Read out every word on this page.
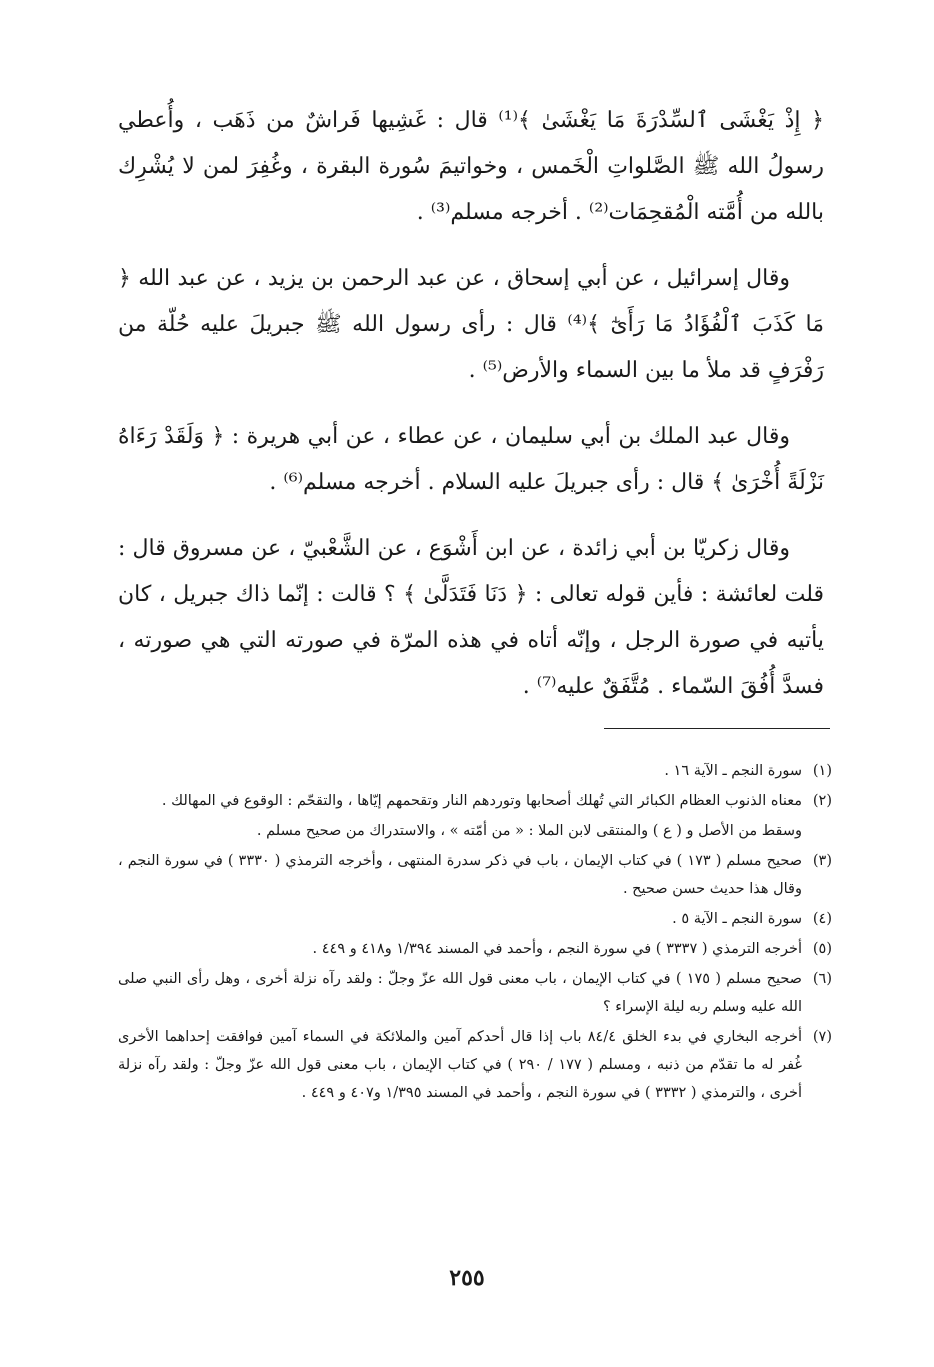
﴿ إِذْ يَغْشَى ٱلسِّدْرَةَ مَا يَغْشَىٰ ﴾⁽¹⁾ قال : غَشِيها فَراشٌ من ذَهَب ، وأُعطي رسولُ الله ﷺ الصَّلواتِ الْخَمس ، وخواتيمَ سُورة البقرة ، وغُفِرَ لمن لا يُشْرِك بالله من أُمَّته الْمُقحِمَات⁽²⁾ . أخرجه مسلم⁽³⁾ .

وقال إسرائيل ، عن أبي إسحاق ، عن عبد الرحمن بن يزيد ، عن عبد الله ﴿ مَا كَذَبَ ٱلْفُؤَادُ مَا رَأَىٰٓ ﴾⁽⁴⁾ قال : رأى رسول الله ﷺ جبريلَ عليه حُلّة من رَفْرَفٍ قد ملأ ما بين السماء والأرض⁽⁵⁾ .

وقال عبد الملك بن أبي سليمان ، عن عطاء ، عن أبي هريرة : ﴿ وَلَقَدْ رَءَاهُ نَزْلَةً أُخْرَىٰ ﴾ قال : رأى جبريلَ عليه السلام . أخرجه مسلم⁽⁶⁾ .

وقال زكريّا بن أبي زائدة ، عن ابن أَشْوَع ، عن الشَّعْبيّ ، عن مسروق قال : قلت لعائشة : فأين قوله تعالى : ﴿ دَنَا فَتَدَلَّىٰ ﴾ ؟ قالت : إنّما ذاك جبريل ، كان يأتيه في صورة الرجل ، وإنّه أتاه في هذه المرّة في صورته التي هي صورته ، فسدَّ أُفُقَ السّماء . مُتَّفَقٌ عليه⁽⁷⁾ .

(١)
سورة النجم ـ الآية ١٦ .
(٢)
معناه الذنوب العظام الكبائر التي تُهلك أصحابها وتوردهم النار وتقحمهم إيّاها ، والتقحّم : الوقوع في المهالك .
وسقط من الأصل و ( ع ) والمنتقى لابن الملا : « من أمّته » ، والاستدراك من صحيح مسلم .
(٣)
صحيح مسلم ( ١٧٣ ) في كتاب الإيمان ، باب في ذكر سدرة المنتهى ، وأخرجه الترمذي ( ٣٣٣٠ ) في سورة النجم ، وقال هذا حديث حسن صحيح .
(٤)
سورة النجم ـ الآية ٥ .
(٥)
أخرجه الترمذي ( ٣٣٣٧ ) في سورة النجم ، وأحمد في المسند ١/٣٩٤ و٤١٨ و ٤٤٩ .
(٦)
صحيح مسلم ( ١٧٥ ) في كتاب الإيمان ، باب معنى قول الله عزّ وجلّ : ولقد رآه نزلة أخرى ، وهل رأى النبي صلى الله عليه وسلم ربه ليلة الإسراء ؟
(٧)
أخرجه البخاري في بدء الخلق ٨٤/٤ باب إذا قال أحدكم آمين والملائكة في السماء آمين فوافقت إحداهما الأخرى غُفر له ما تقدّم من ذنبه ، ومسلم ( ١٧٧ / ٢٩٠ ) في كتاب الإيمان ، باب معنى قول الله عزّ وجلّ : ولقد رآه نزلة أخرى ، والترمذي ( ٣٣٣٢ ) في سورة النجم ، وأحمد في المسند ١/٣٩٥ و٤٠٧ و ٤٤٩ .
٢٥٥
